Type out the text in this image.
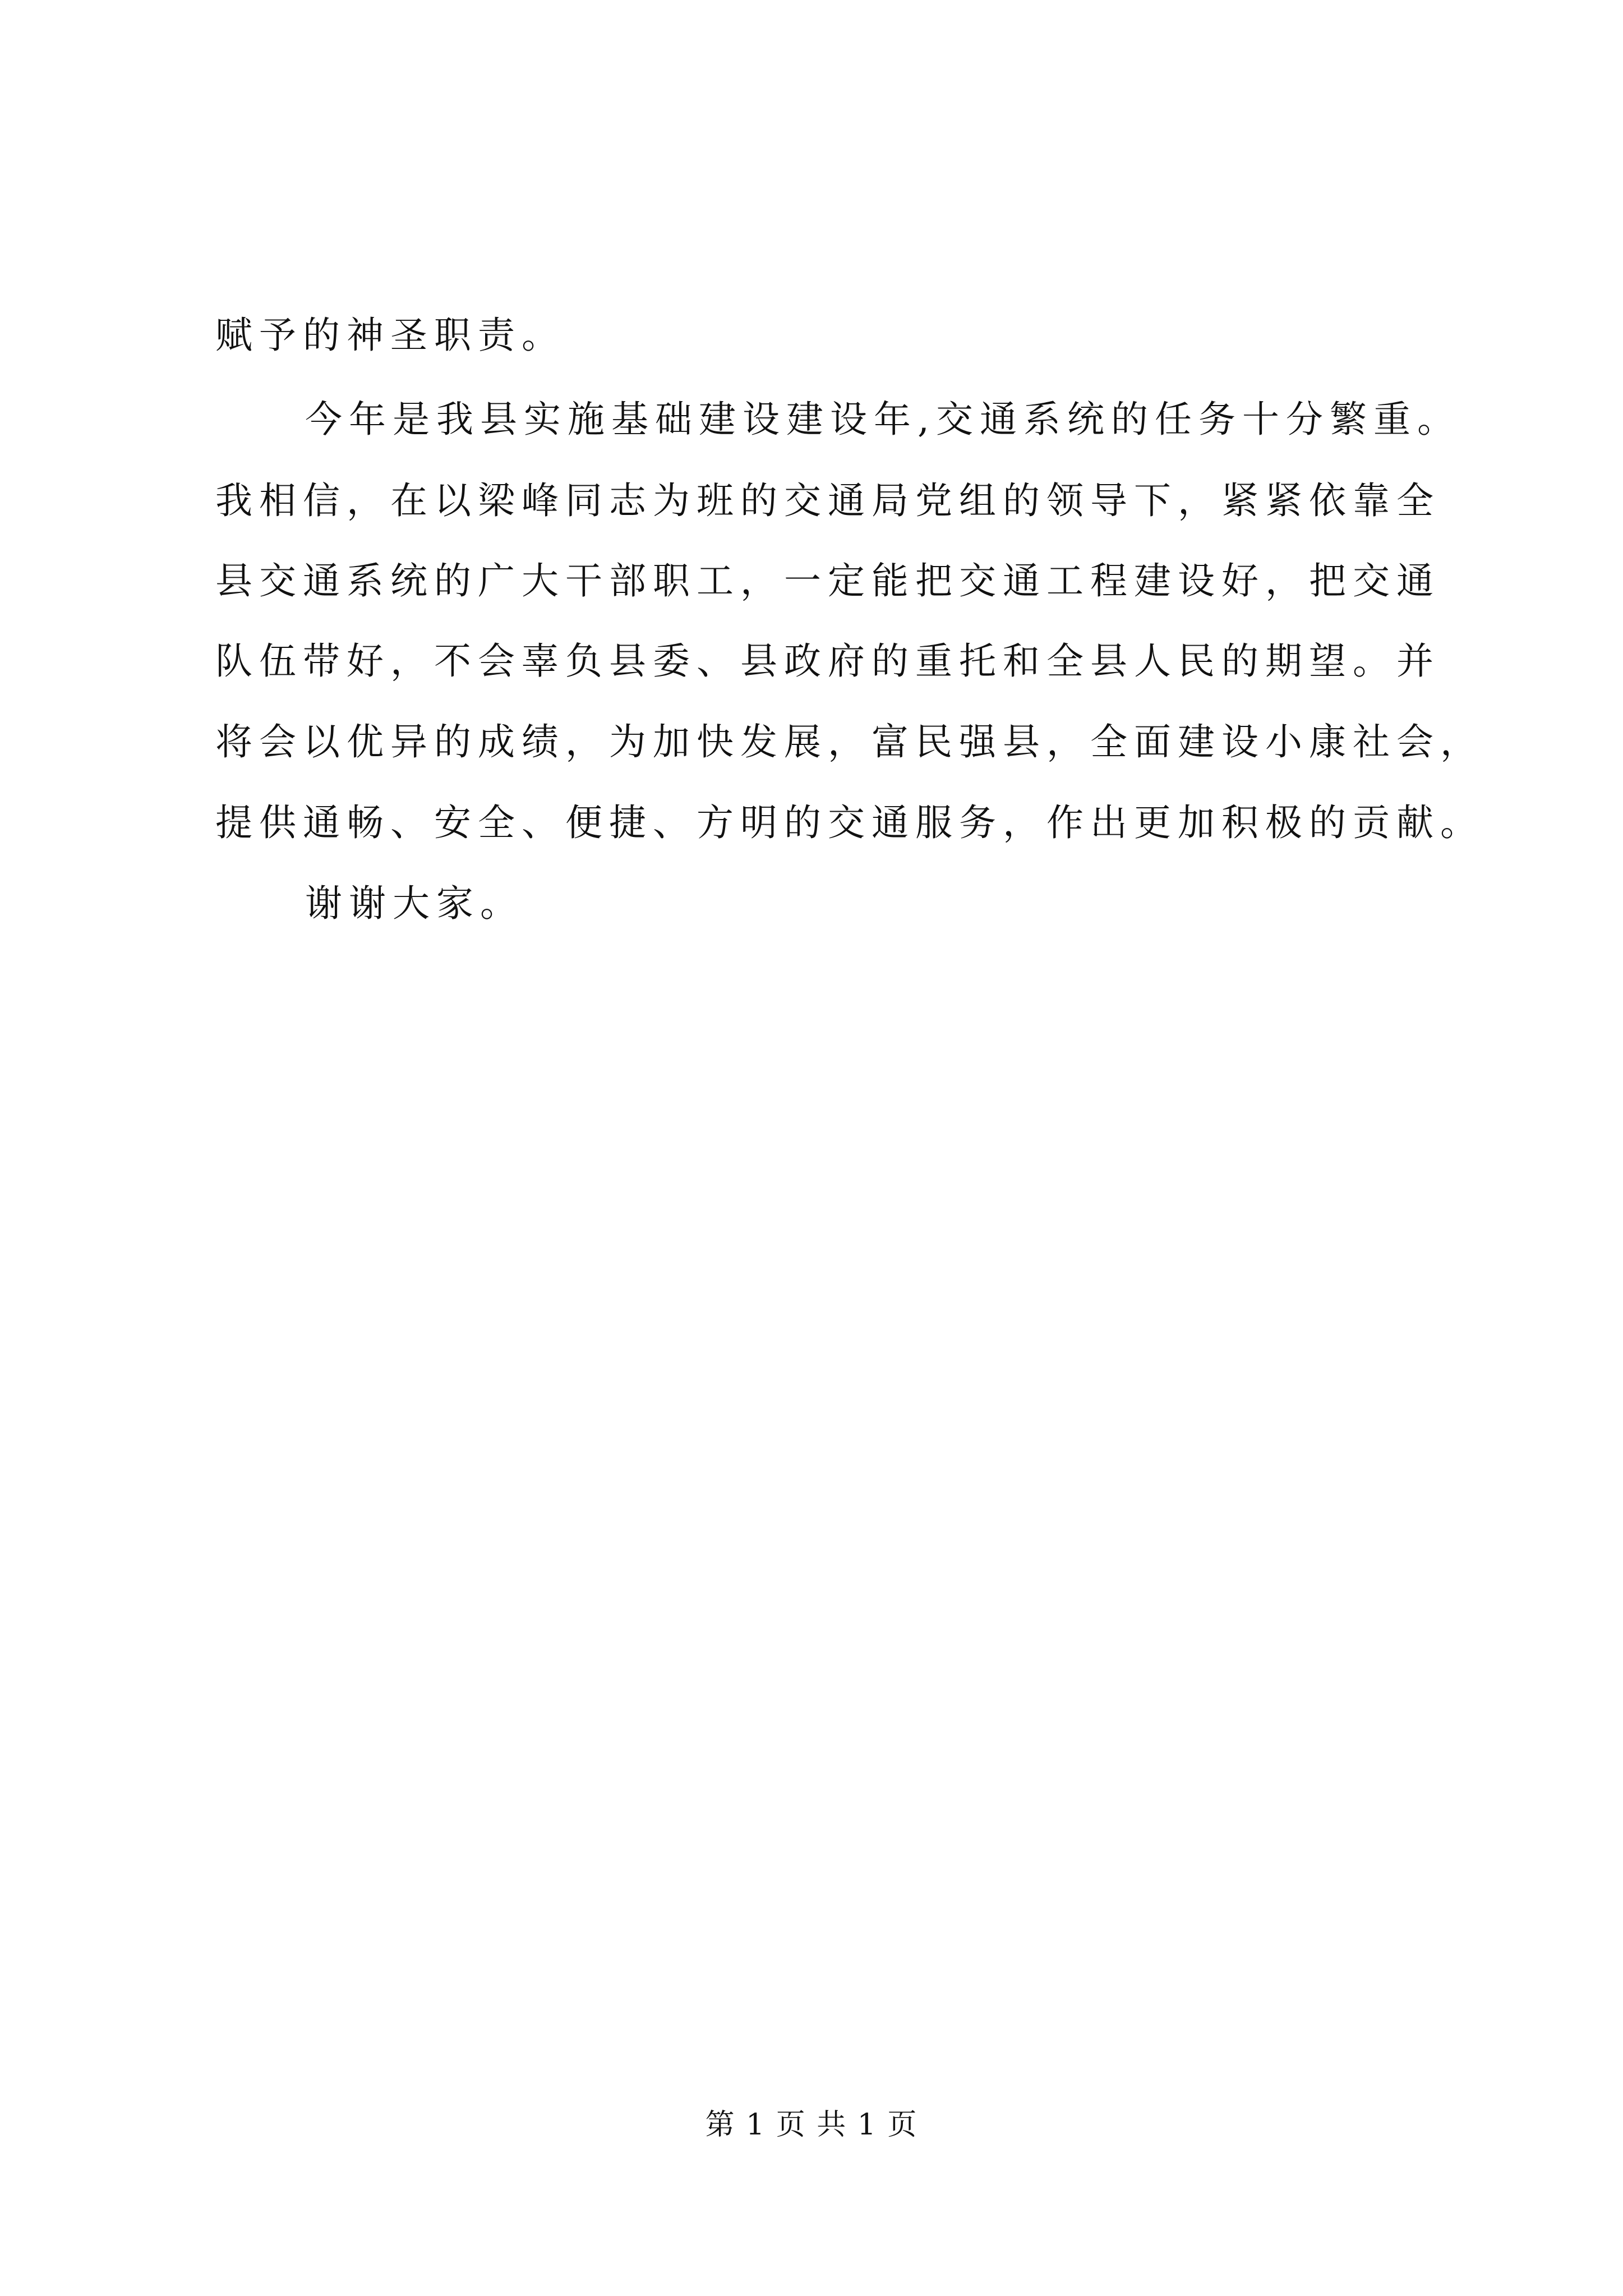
赋予的神圣职责。
今年是我县实施基础建设建设年,交通系统的任务十分繁重。
我相信，在以梁峰同志为班的交通局党组的领导下，紧紧依靠全
县交通系统的广大干部职工，一定能把交通工程建设好，把交通
队伍带好，不会辜负县委、县政府的重托和全县人民的期望。并
将会以优异的成绩，为加快发展，富民强县，全面建设小康社会，
提供通畅、安全、便捷、方明的交通服务，作出更加积极的贡献。
谢谢大家。
第 1 页 共 1 页
